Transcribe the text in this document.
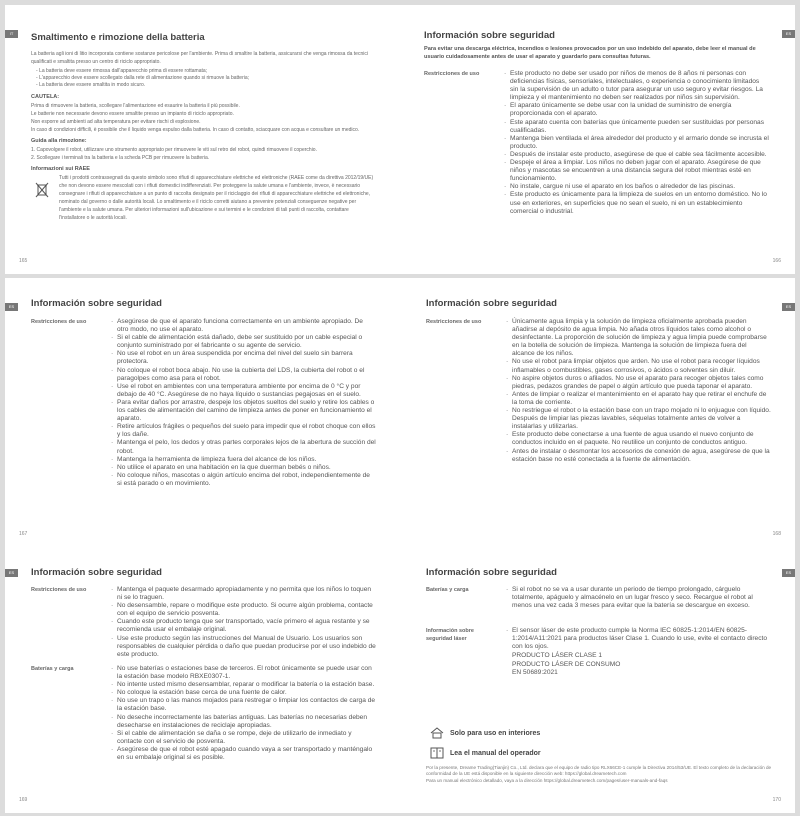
IT	Smaltimento e rimozione della batteria

La batteria agli ioni di litio incorporata contiene sostanze pericolose per l'ambiente. Prima di smaltire la batteria, assicurarsi che venga rimossa da tecnici qualificati e smaltita presso un centro di riciclo appropriato.

- La batteria deve essere rimossa dall'apparecchio prima di essere rottamata;
- L'apparecchio deve essere scollegato dalla rete di alimentazione quando si rimuove la batteria;
- La batteria deve essere smaltita in modo sicuro.
CAUTELA:

Prima di rimuovere la batteria, scollegare l'alimentazione ed esaurire la batteria il più possibile.

Le batterie non necessarie devono essere smaltite presso un impianto di riciclo appropriato.

Non esporre ad ambienti ad alta temperatura per evitare rischi di esplosione.

In caso di condizioni difficili, è possibile che il liquido venga espulso dalla batteria. In caso di contatto, sciacquare con acqua e consultare un medico.

Guida alla rimozione:

1. Capovolgere il robot, utilizzare uno strumento appropriato per rimuovere le viti sul retro del robot, quindi rimuovere il coperchio.

2. Scollegare i terminali tra la batteria e la scheda PCB per rimuovere la batteria.

Informazioni sui RAEE

Tutti i prodotti contrassegnati da questo simbolo sono rifiuti di apparecchiature elettriche ed elettroniche (RAEE come da direttiva 2012/19/UE) che non devono essere mescolati con i rifiuti domestici indifferenziati. Per proteggere la salute umana e l'ambiente, invece, è necessario consegnare i rifiuti di apparecchiature a un punto di raccolta designato per il riciclaggio dei rifiuti di apparecchiature elettriche ed elettroniche, nominato dal governo o dalle autorità locali. Lo smaltimento e il riciclo corretti aiutano a prevenire potenziali conseguenze negative per l'ambiente e la salute umana. Per ulteriori informazioni sull'ubicazione e sui termini e le condizioni di tali punti di raccolta, contattare l'installatore o le autorità locali.

165
ES
Información sobre seguridad
Para evitar una descarga eléctrica, incendios o lesiones provocados por un uso indebido del aparato, debe leer el manual de usuario cuidadosamente antes de usar el aparato y guardarlo para consultas futuras.
Restricciones de uso	· Este producto no debe ser usado por niños de menos de 8 años ni personas con deficiencias físicas, sensoriales, intelectuales, o experiencia o conocimiento limitados sin la supervisión de un adulto o tutor para asegurar un uso seguro y evitar riesgos. La limpieza y el mantenimiento no deben ser realizados por niños sin supervisión.
· El aparato únicamente se debe usar con la unidad de suministro de energía proporcionada con el aparato.
· Este aparato cuenta con baterías que únicamente pueden ser sustituidas por personas cualificadas.
· Mantenga bien ventilada el área alrededor del producto y el armario donde se incrusta el producto.
· Después de instalar este producto, asegúrese de que el cable sea fácilmente accesible.
· Despeje el área a limpiar. Los niños no deben jugar con el aparato. Asegúrese de que niños y mascotas se encuentren a una distancia segura del robot mientras esté en funcionamiento.
· No instale, cargue ni use el aparato en los baños o alrededor de las piscinas.
· Este producto es únicamente para la limpieza de suelos en un entorno doméstico. No lo use en exteriores, en superficies que no sean el suelo, ni en un establecimiento comercial o industrial.
166
ES	Información sobre seguridad
Restricciones de uso	· Asegúrese de que el aparato funciona correctamente en un ambiente apropiado. De otro modo, no use el aparato.
· Si el cable de alimentación está dañado, debe ser sustituido por un cable especial o conjunto suministrado por el fabricante o su agente de servicio.
· No use el robot en un área suspendida por encima del nivel del suelo sin barrera protectora.
· No coloque el robot boca abajo. No use la cubierta del LDS, la cubierta del robot o el paragolpes como asa para el robot.
· Use el robot en ambientes con una temperatura ambiente por encima de 0 °C y por debajo de 40 °C. Asegúrese de no haya líquido o sustancias pegajosas en el suelo.
· Para evitar daños por arrastre, despeje los objetos sueltos del suelo y retire los cables o los cables de alimentación del camino de limpieza antes de poner en funcionamiento el aparato.
· Retire artículos frágiles o pequeños del suelo para impedir que el robot choque con ellos y los dañe.
· Mantenga el pelo, los dedos y otras partes corporales lejos de la abertura de succión del robot.
· Mantenga la herramienta de limpieza fuera del alcance de los niños.
· No utilice el aparato en una habitación en la que duerman bebés o niños.
· No coloque niños, mascotas o algún artículo encima del robot, independientemente de si está parado o en movimiento.
167
ES
Información sobre seguridad
Restricciones de uso	· Únicamente agua limpia y la solución de limpieza oficialmente aprobada pueden añadirse al depósito de agua limpia. No añada otros líquidos tales como alcohol o desinfectante. La proporción de solución de limpieza y agua limpia puede comprobarse en la botella de solución de limpieza. Mantenga la solución de limpieza fuera del alcance de los niños.
· No use el robot para limpiar objetos que arden. No use el robot para recoger líquidos inflamables o combustibles, gases corrosivos, o ácidos o solventes sin diluir.
· No aspire objetos duros o afilados. No use el aparato para recoger objetos tales como piedras, pedazos grandes de papel o algún artículo que pueda taponar el aparato.
· Antes de limpiar o realizar el mantenimiento en el aparato hay que retirar el enchufe de la toma de corriente.
· No restriegue el robot o la estación base con un trapo mojado ni lo enjuague con líquido. Después de limpiar las piezas lavables, séquelas totalmente antes de volver a instalarlas y utilizarlas.
· Este producto debe conectarse a una fuente de agua usando el nuevo conjunto de conductos incluido en el paquete. No reutilice un conjunto de conductos antiguo.
· Antes de instalar o desmontar los accesorios de conexión de agua, asegúrese de que la estación base no esté conectada a la fuente de alimentación.
168
ES	Información sobre seguridad
Restricciones de uso	· Mantenga el paquete desarmado apropiadamente y no permita que los niños lo toquen ni se lo traguen.
· No desensamble, repare o modifique este producto. Si ocurre algún problema, contacte con el equipo de servicio posventa.
· Cuando este producto tenga que ser transportado, vacíe primero el agua restante y se recomienda usar el embalaje original.
· Use este producto según las instrucciones del Manual de Usuario. Los usuarios son responsables de cualquier pérdida o daño que puedan producirse por el uso indebido de este producto.
Baterías y carga	· No use baterías o estaciones base de terceros. El robot únicamente se puede usar con la estación base modelo RBXE0307-1.
· No intente usted mismo desensamblar, reparar o modificar la batería o la estación base.
· No coloque la estación base cerca de una fuente de calor.
· No use un trapo o las manos mojados para restregar o limpiar los contactos de carga de la estación base.
· No deseche incorrectamente las baterías antiguas. Las baterías no necesarias deben desecharse en instalaciones de reciclaje apropiadas.
· Si el cable de alimentación se daña o se rompe, deje de utilizarlo de inmediato y contacte con el servicio de posventa.
· Asegúrese de que el robot esté apagado cuando vaya a ser transportado y manténgalo en su embalaje original si es posible.
169
ES
Información sobre seguridad
Baterías y carga	· Si el robot no se va a usar durante un periodo de tiempo prolongado, cárguelo totalmente, apáguelo y almacénelo en un lugar fresco y seco. Recargue el robot al menos una vez cada 3 meses para evitar que la batería se descargue en exceso.
Información sobre seguridad láser
· El sensor láser de este producto cumple la Norma IEC 60825-1:2014/EN 60825-1:2014/A11:2021 para productos láser Clase 1. Cuando lo use, evite el contacto directo con los ojos.
PRODUCTO LÁSER CLASE 1
PRODUCTO LÁSER DE CONSUMO
EN 50689:2021
Solo para uso en interiores
Lea el manual del operador
Por la presente, Dreame Trading(Tianjin) Co., Ltd. declara que el equipo de radio tipo RLX66CE-1 cumple la Directiva 2014/53/UE. El texto completo de la declaración de conformidad de la UE está disponible en la siguiente dirección web: https://global.dreametech.com
Para un manual electrónico detallado, vaya a la dirección https://global.dreametech.com/pages/user-manuals-and-faqs
170
